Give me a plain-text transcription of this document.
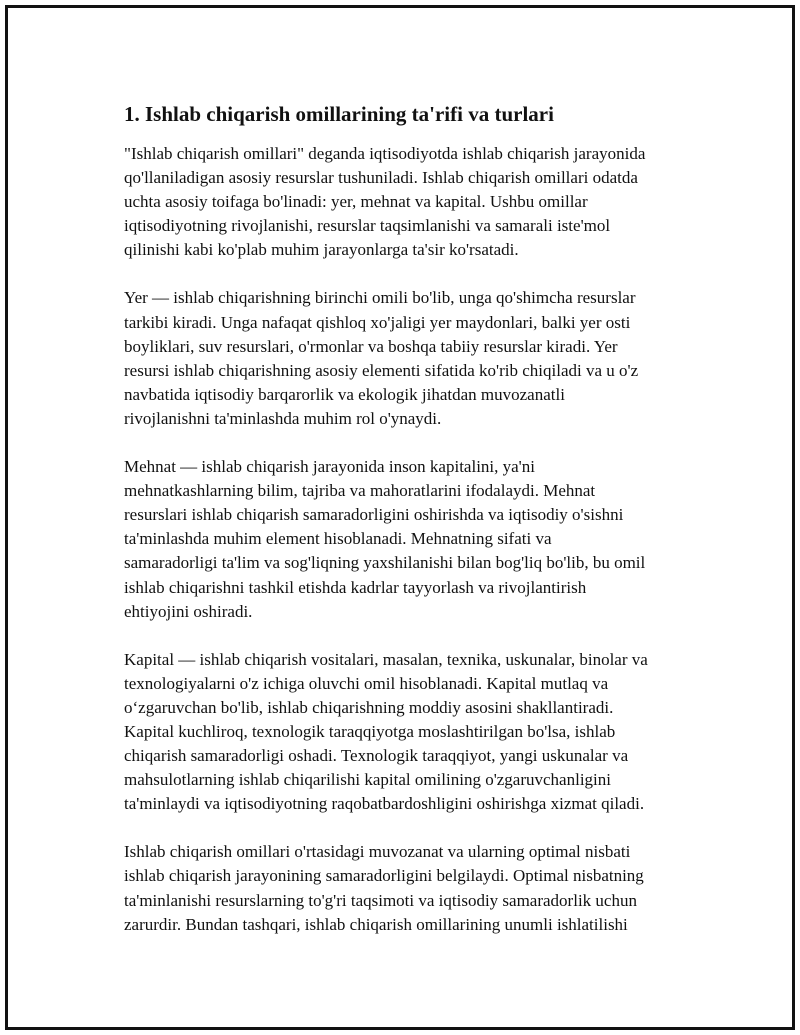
1. Ishlab chiqarish omillarining ta'rifi va turlari
"Ishlab chiqarish omillari" deganda iqtisodiyotda ishlab chiqarish jarayonida
qo'llaniladigan asosiy resurslar tushuniladi. Ishlab chiqarish omillari odatda
uchta asosiy toifaga bo'linadi: yer, mehnat va kapital. Ushbu omillar
iqtisodiyotning rivojlanishi, resurslar taqsimlanishi va samarali iste'mol
qilinishi kabi ko'plab muhim jarayonlarga ta'sir ko'rsatadi.
Yer — ishlab chiqarishning birinchi omili bo'lib, unga qo'shimcha resurslar
tarkibi kiradi. Unga nafaqat qishloq xo'jaligi yer maydonlari, balki yer osti
boyliklari, suv resurslari, o'rmonlar va boshqa tabiiy resurslar kiradi. Yer
resursi ishlab chiqarishning asosiy elementi sifatida ko'rib chiqiladi va u o'z
navbatida iqtisodiy barqarorlik va ekologik jihatdan muvozanatli
rivojlanishni ta'minlashda muhim rol o'ynaydi.
Mehnat — ishlab chiqarish jarayonida inson kapitalini, ya'ni
mehnatkashlarning bilim, tajriba va mahoratlarini ifodalaydi. Mehnat
resurslari ishlab chiqarish samaradorligini oshirishda va iqtisodiy o'sishni
ta'minlashda muhim element hisoblanadi. Mehnatning sifati va
samaradorligi ta'lim va sog'liqning yaxshilanishi bilan bog'liq bo'lib, bu omil
ishlab chiqarishni tashkil etishda kadrlar tayyorlash va rivojlantirish
ehtiyojini oshiradi.
Kapital — ishlab chiqarish vositalari, masalan, texnika, uskunalar, binolar va
texnologiyalarni o'z ichiga oluvchi omil hisoblanadi. Kapital mutlaq va
o‘zgaruvchan bo'lib, ishlab chiqarishning moddiy asosini shakllantiradi.
Kapital kuchliroq, texnologik taraqqiyotga moslashtirilgan bo'lsa, ishlab
chiqarish samaradorligi oshadi. Texnologik taraqqiyot, yangi uskunalar va
mahsulotlarning ishlab chiqarilishi kapital omilining o'zgaruvchanligini
ta'minlaydi va iqtisodiyotning raqobatbardoshligini oshirishga xizmat qiladi.
Ishlab chiqarish omillari o'rtasidagi muvozanat va ularning optimal nisbati
ishlab chiqarish jarayonining samaradorligini belgilaydi. Optimal nisbatning
ta'minlanishi resurslarning to'g'ri taqsimoti va iqtisodiy samaradorlik uchun
zarurdir. Bundan tashqari, ishlab chiqarish omillarining unumli ishlatilishi
